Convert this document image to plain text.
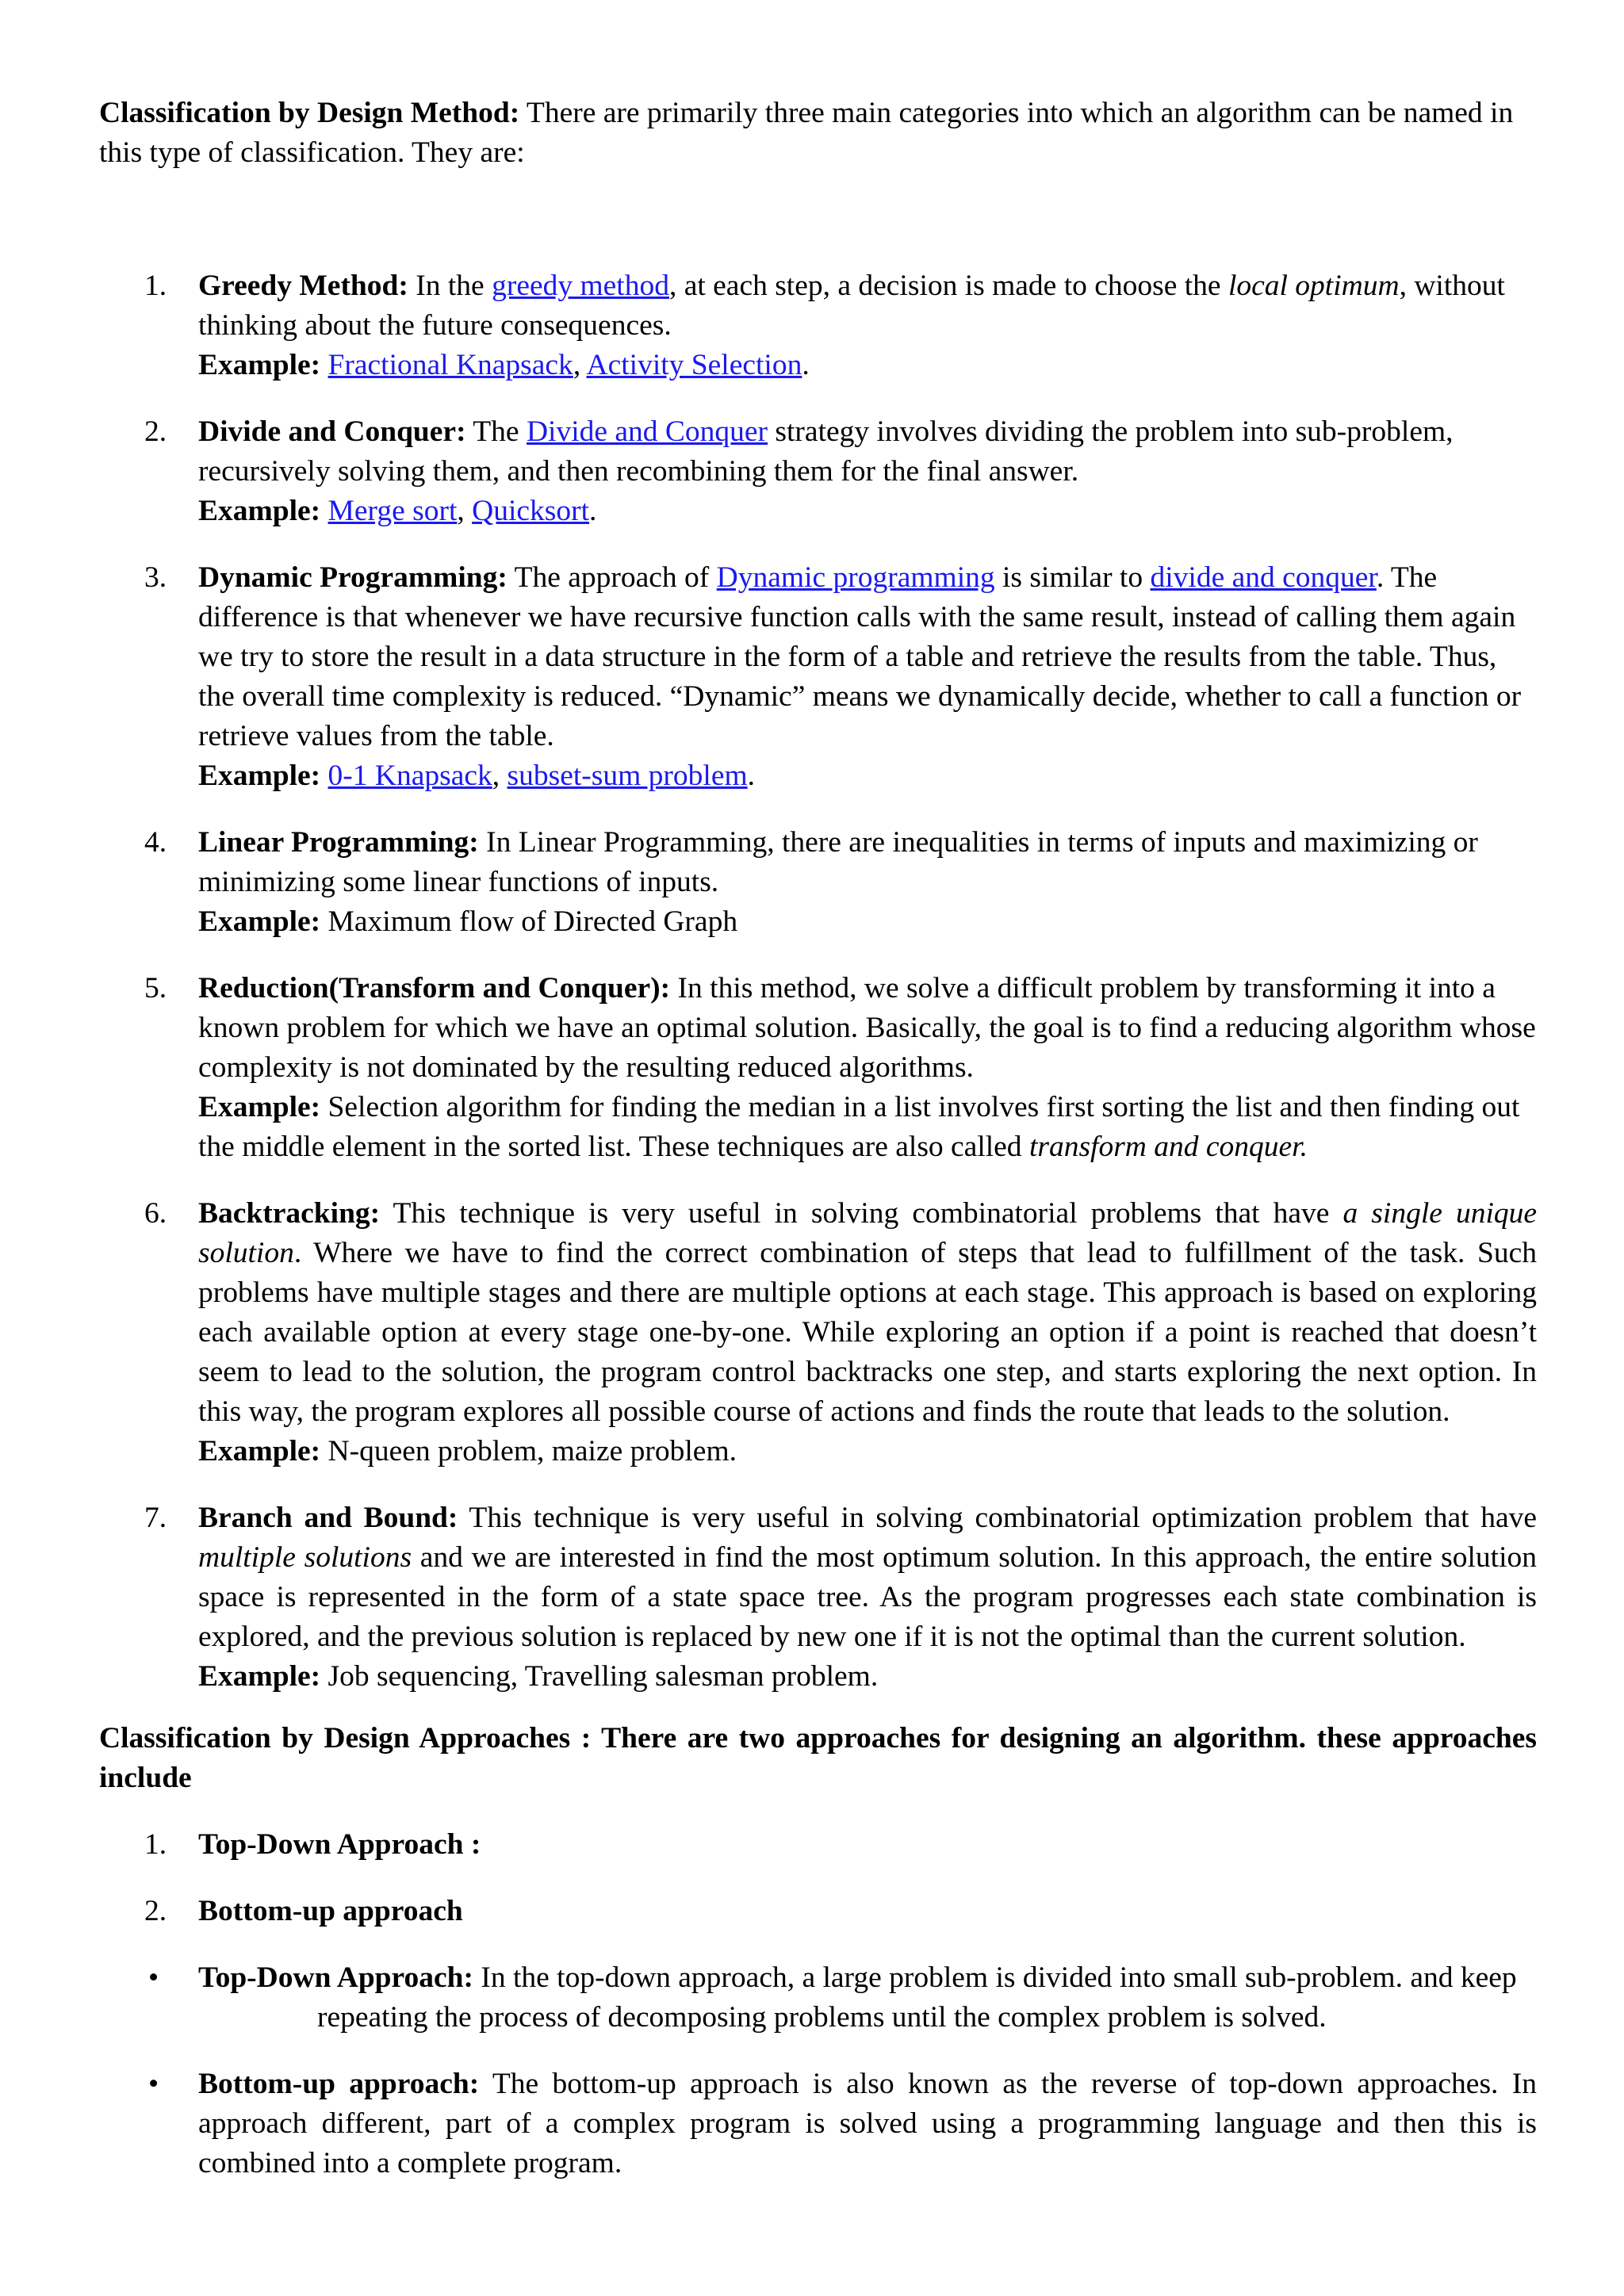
Classification by Design Method: There are primarily three main categories into which an algorithm can be named in this type of classification. They are:

1. Greedy Method: In the greedy method, at each step, a decision is made to choose the local optimum, without thinking about the future consequences.

Example: Fractional Knapsack, Activity Selection.

2. Divide and Conquer: The Divide and Conquer strategy involves dividing the problem into sub-problem, recursively solving them, and then recombining them for the final answer.

Example: Merge sort, Quicksort.

3. Dynamic Programming: The approach of Dynamic programming is similar to divide and conquer. The difference is that whenever we have recursive function calls with the same result, instead of calling them again we try to store the result in a data structure in the form of a table and retrieve the results from the table. Thus, the overall time complexity is reduced. “Dynamic” means we dynamically decide, whether to call a function or retrieve values from the table.

Example: 0-1 Knapsack, subset-sum problem.

4. Linear Programming: In Linear Programming, there are inequalities in terms of inputs and maximizing or minimizing some linear functions of inputs.

Example: Maximum flow of Directed Graph

5. Reduction(Transform and Conquer): In this method, we solve a difficult problem by transforming it into a known problem for which we have an optimal solution. Basically, the goal is to find a reducing algorithm whose complexity is not dominated by the resulting reduced algorithms.

Example: Selection algorithm for finding the median in a list involves first sorting the list and then finding out the middle element in the sorted list. These techniques are also called transform and conquer.

6. Backtracking: This technique is very useful in solving combinatorial problems that have a single unique solution. Where we have to find the correct combination of steps that lead to fulfillment of the task. Such problems have multiple stages and there are multiple options at each stage. This approach is based on exploring each available option at every stage one-by-one. While exploring an option if a point is reached that doesn’t seem to lead to the solution, the program control backtracks one step, and starts exploring the next option. In this way, the program explores all possible course of actions and finds the route that leads to the solution.

Example: N-queen problem, maize problem.

7. Branch and Bound: This technique is very useful in solving combinatorial optimization problem that have multiple solutions and we are interested in find the most optimum solution. In this approach, the entire solution space is represented in the form of a state space tree. As the program progresses each state combination is explored, and the previous solution is replaced by new one if it is not the optimal than the current solution.

Example: Job sequencing, Travelling salesman problem.

Classification by Design Approaches : There are two approaches for designing an algorithm. these approaches include

1. Top-Down Approach :
2. Bottom-up approach
• Top-Down Approach: In the top-down approach, a large problem is divided into small sub-problem. and keeprepeating the process of decomposing problems until the complex problem is solved.

• Bottom-up approach: The bottom-up approach is also known as the reverse of top-down approaches. In approach different, part of a complex program is solved using a programming language and then this is combined into a complete program.
